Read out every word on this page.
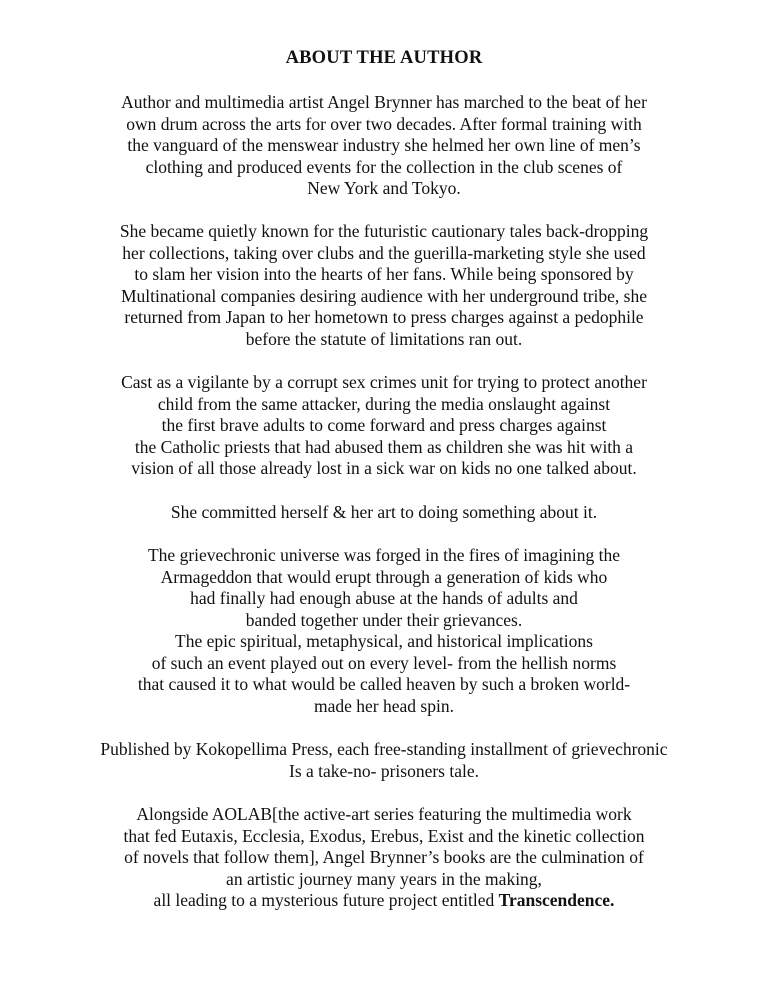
ABOUT THE AUTHOR
Author and multimedia artist Angel Brynner has marched to the beat of her
own drum across the arts for over two decades. After formal training with
the vanguard of the menswear industry she helmed her own line of men’s
clothing and produced events for the collection in the club scenes of
New York and Tokyo.
She became quietly known for the futuristic cautionary tales back-dropping
her collections, taking over clubs and the guerilla-marketing style she used
to slam her vision into the hearts of her fans. While being sponsored by
Multinational companies desiring audience with her underground tribe, she
returned from Japan to her hometown to press charges against a pedophile
before the statute of limitations ran out.
Cast as a vigilante by a corrupt sex crimes unit for trying to protect another
child from the same attacker, during the media onslaught against
the first brave adults to come forward and press charges against
the Catholic priests that had abused them as children she was hit with a
vision of all those already lost in a sick war on kids no one talked about.
She committed herself & her art to doing something about it.
The grievechronic universe was forged in the fires of imagining the
Armageddon that would erupt through a generation of kids who
had finally had enough abuse at the hands of adults and
banded together under their grievances.
The epic spiritual, metaphysical, and historical implications
of such an event played out on every level- from the hellish norms
that caused it to what would be called heaven by such a broken world-
made her head spin.
Published by Kokopellima Press, each free-standing installment of grievechronic
Is a take-no- prisoners tale.
Alongside AOLAB[the active-art series featuring the multimedia work
that fed Eutaxis, Ecclesia, Exodus, Erebus, Exist and the kinetic collection
of novels that follow them], Angel Brynner’s books are the culmination of
an artistic journey many years in the making,
all leading to a mysterious future project entitled Transcendence.
